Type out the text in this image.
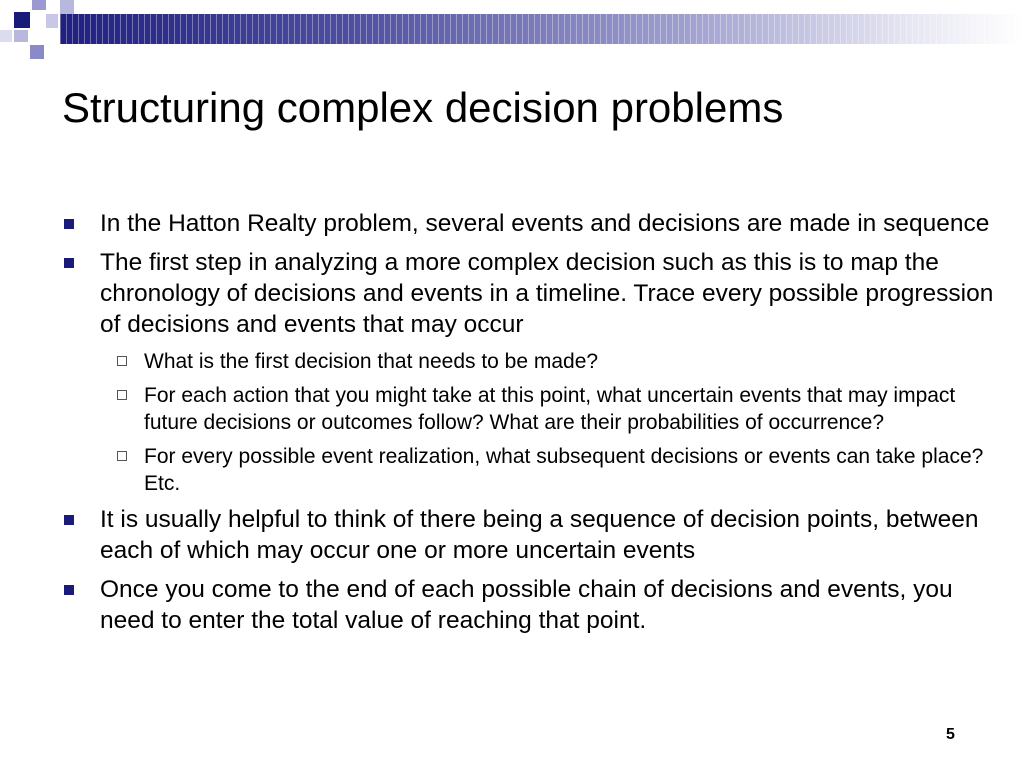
Structuring complex decision problems
In the Hatton Realty problem, several events and decisions are made in sequence
The first step in analyzing a more complex decision such as this is to map the chronology of decisions and events in a timeline. Trace every possible progression of decisions and events that may occur
What is the first decision that needs to be made?
For each action that you might take at this point, what uncertain events that may impact future decisions or outcomes follow? What are their probabilities of occurrence?
For every possible event realization, what subsequent decisions or events can take place? Etc.
It is usually helpful to think of there being a sequence of decision points, between each of which may occur one or more uncertain events
Once you come to the end of each possible chain of decisions and events, you need to enter the total value of reaching that point.
5
